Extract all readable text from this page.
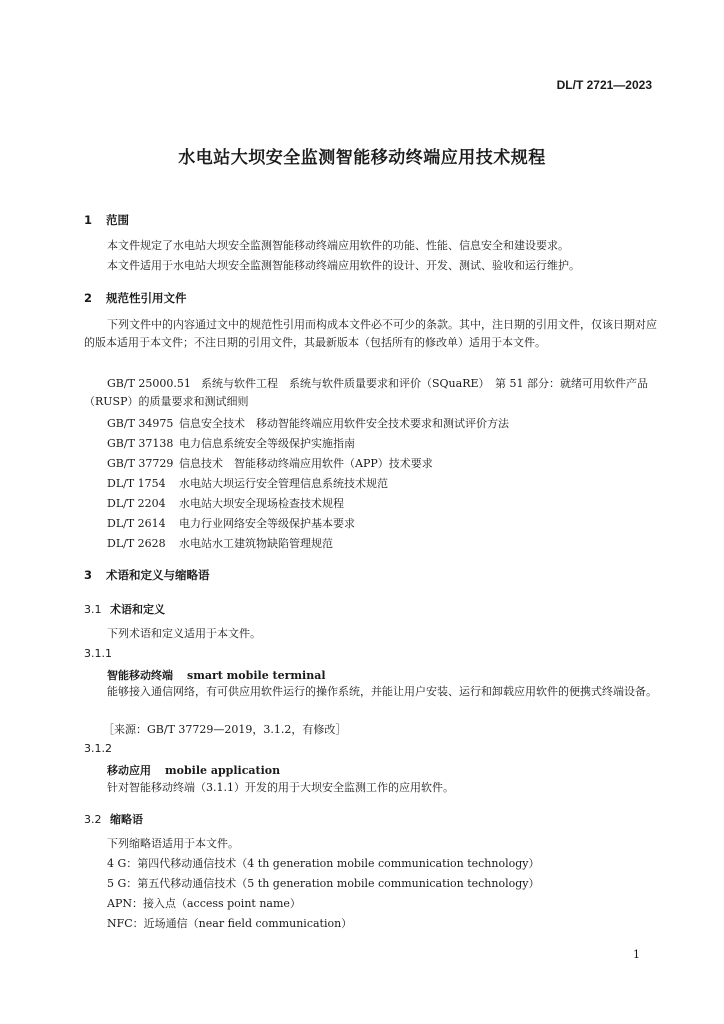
DL/T 2721—2023
水电站大坝安全监测智能移动终端应用技术规程
1 范围
本文件规定了水电站大坝安全监测智能移动终端应用软件的功能、性能、信息安全和建设要求。
本文件适用于水电站大坝安全监测智能移动终端应用软件的设计、开发、测试、验收和运行维护。
2 规范性引用文件
下列文件中的内容通过文中的规范性引用而构成本文件必不可少的条款。其中，注日期的引用文件，仅该日期对应的版本适用于本文件；不注日期的引用文件，其最新版本（包括所有的修改单）适用于本文件。
GB/T 25000.51 系统与软件工程　系统与软件质量要求和评价（SQuaRE）　第 51 部分：就绪可用软件产品（RUSP）的质量要求和测试细则
GB/T 34975 信息安全技术　移动智能终端应用软件安全技术要求和测试评价方法
GB/T 37138 电力信息系统安全等级保护实施指南
GB/T 37729 信息技术　智能移动终端应用软件（APP）技术要求
DL/T 1754 水电站大坝运行安全管理信息系统技术规范
DL/T 2204 水电站大坝安全现场检查技术规程
DL/T 2614 电力行业网络安全等级保护基本要求
DL/T 2628 水电站水工建筑物缺陷管理规范
3 术语和定义与缩略语
3.1 术语和定义
下列术语和定义适用于本文件。
3.1.1
智能移动终端 smart mobile terminal
能够接入通信网络，有可供应用软件运行的操作系统，并能让用户安装、运行和卸载应用软件的便携式终端设备。
［来源：GB/T 37729—2019，3.1.2，有修改］
3.1.2
移动应用 mobile application
针对智能移动终端（3.1.1）开发的用于大坝安全监测工作的应用软件。
3.2 缩略语
下列缩略语适用于本文件。
4 G：第四代移动通信技术（4 th generation mobile communication technology）
5 G：第五代移动通信技术（5 th generation mobile communication technology）
APN：接入点（access point name）
NFC：近场通信（near field communication）
1
